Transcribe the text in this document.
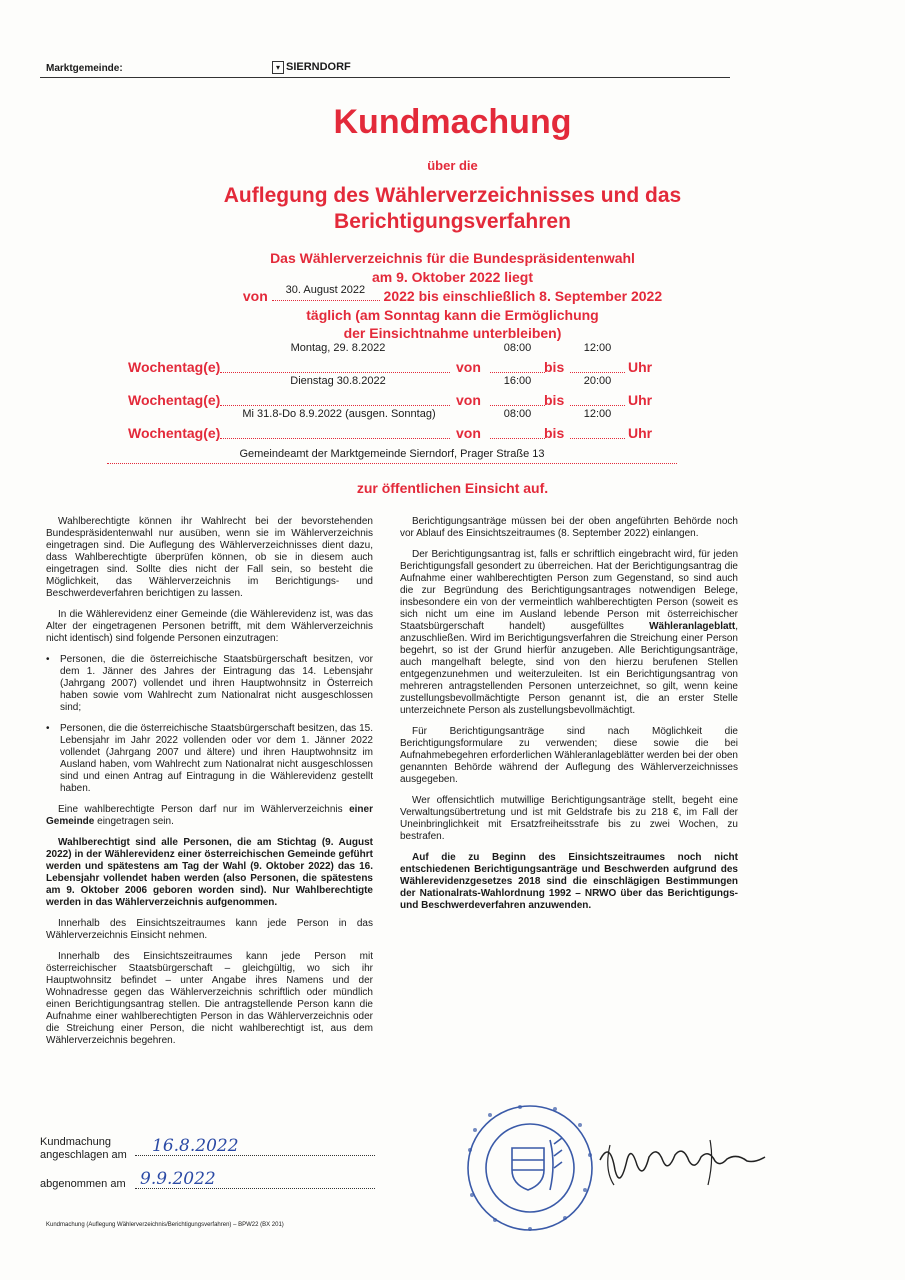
Marktgemeinde:	▾ SIERNDORF
Kundmachung
über die
Auflegung des Wählerverzeichnisses und das
Berichtigungsverfahren
Das Wählerverzeichnis für die Bundespräsidentenwahl
am 9. Oktober 2022 liegt
von 30. August 2022 2022 bis einschließlich 8. September 2022
täglich (am Sonntag kann die Ermöglichung
der Einsichtnahme unterbleiben)
Wochentag(e)
Montag, 29. 8.2022
von
08:00
bis
12:00
Uhr
Wochentag(e)
Dienstag 30.8.2022
von
16:00
bis
20:00
Uhr
Wochentag(e)
Mi 31.8-Do 8.9.2022 (ausgen. Sonntag)
von
08:00
bis
12:00
Uhr
Gemeindeamt der Marktgemeinde Sierndorf, Prager Straße 13
zur öffentlichen Einsicht auf.

Wahlberechtigte können ihr Wahlrecht bei der bevorstehenden Bundespräsidentenwahl nur ausüben, wenn sie im Wählerverzeichnis eingetragen sind. Die Auflegung des Wählerverzeichnisses dient dazu, dass Wahlberechtigte überprüfen können, ob sie in diesem auch eingetragen sind. Sollte dies nicht der Fall sein, so besteht die Möglichkeit, das Wählerverzeichnis im Berichtigungs- und Beschwerdeverfahren berichtigen zu lassen.

In die Wählerevidenz einer Gemeinde (die Wählerevidenz ist, was das Alter der eingetragenen Personen betrifft, mit dem Wählerverzeichnis nicht identisch) sind folgende Personen einzutragen:

• Personen, die die österreichische Staatsbürgerschaft besitzen, vor dem 1. Jänner des Jahres der Eintragung das 14. Lebensjahr (Jahrgang 2007) vollendet und ihren Hauptwohnsitz in Österreich haben sowie vom Wahlrecht zum Nationalrat nicht ausgeschlossen sind;
• Personen, die die österreichische Staatsbürgerschaft besitzen, das 15. Lebensjahr im Jahr 2022 vollenden oder vor dem 1. Jänner 2022 vollendet (Jahrgang 2007 und ältere) und ihren Hauptwohnsitz im Ausland haben, vom Wahlrecht zum Nationalrat nicht ausgeschlossen sind und einen Antrag auf Eintragung in die Wählerevidenz gestellt haben.

Eine wahlberechtigte Person darf nur im Wählerverzeichnis einer Gemeinde eingetragen sein.

Wahlberechtigt sind alle Personen, die am Stichtag (9. August 2022) in der Wählerevidenz einer österreichischen Gemeinde geführt werden und spätestens am Tag der Wahl (9. Oktober 2022) das 16. Lebensjahr vollendet haben werden (also Personen, die spätestens am 9. Oktober 2006 geboren worden sind). Nur Wahlberechtigte werden in das Wählerverzeichnis aufgenommen.

Innerhalb des Einsichtszeitraumes kann jede Person in das Wählerverzeichnis Einsicht nehmen.

Innerhalb des Einsichtszeitraumes kann jede Person mit österreichischer Staatsbürgerschaft – gleichgültig, wo sich ihr Hauptwohnsitz befindet – unter Angabe ihres Namens und der Wohnadresse gegen das Wählerverzeichnis schriftlich oder mündlich einen Berichtigungsantrag stellen. Die antragstellende Person kann die Aufnahme einer wahlberechtigten Person in das Wählerverzeichnis oder die Streichung einer Person, die nicht wahlberechtigt ist, aus dem Wählerverzeichnis begehren.

Berichtigungsanträge müssen bei der oben angeführten Behörde noch vor Ablauf des Einsichtszeitraumes (8. September 2022) einlangen.

Der Berichtigungsantrag ist, falls er schriftlich eingebracht wird, für jeden Berichtigungsfall gesondert zu überreichen. Hat der Berichtigungsantrag die Aufnahme einer wahlberechtigten Person zum Gegenstand, so sind auch die zur Begründung des Berichtigungsantrages notwendigen Belege, insbesondere ein von der vermeintlich wahlberechtigten Person (soweit es sich nicht um eine im Ausland lebende Person mit österreichischer Staatsbürgerschaft handelt) ausgefülltes Wähleranlageblatt, anzuschließen. Wird im Berichtigungsverfahren die Streichung einer Person begehrt, so ist der Grund hierfür anzugeben. Alle Berichtigungsanträge, auch mangelhaft belegte, sind von den hierzu berufenen Stellen entgegenzunehmen und weiterzuleiten. Ist ein Berichtigungsantrag von mehreren antragstellenden Personen unterzeichnet, so gilt, wenn keine zustellungsbevollmächtigte Person genannt ist, die an erster Stelle unterzeichnete Person als zustellungsbevollmächtigt.

Für Berichtigungsanträge sind nach Möglichkeit die Berichtigungsformulare zu verwenden; diese sowie die bei Aufnahmebegehren erforderlichen Wähleranlageblätter werden bei der oben genannten Behörde während der Auflegung des Wählerverzeichnisses ausgegeben.

Wer offensichtlich mutwillige Berichtigungsanträge stellt, begeht eine Verwaltungsübertretung und ist mit Geldstrafe bis zu 218 €, im Fall der Uneinbringlichkeit mit Ersatzfreiheitsstrafe bis zu zwei Wochen, zu bestrafen.

Auf die zu Beginn des Einsichtszeitraumes noch nicht entschiedenen Berichtigungsanträge und Beschwerden aufgrund des Wählerevidenzgesetzes 2018 sind die einschlägigen Bestimmungen der Nationalrats-Wahlordnung 1992 – NRWO über das Berichtigungs- und Beschwerdeverfahren anzuwenden.

Kundmachung
angeschlagen am 16.8.2022
abgenommen am 9.9.2022
Kundmachung (Auflegung Wählerverzeichnis/Berichtigungsverfahren) – BPW22 (BX 201)
